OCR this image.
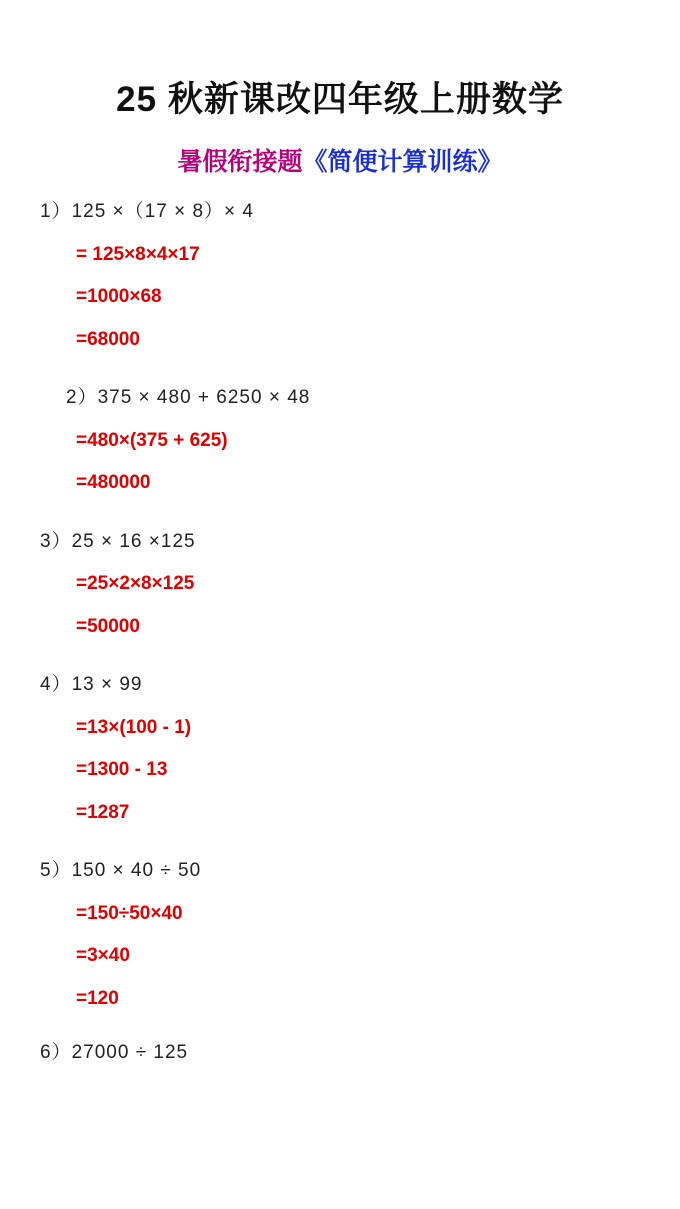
25 秋新课改四年级上册数学
暑假衔接题《简便计算训练》
1）125 ×（17 × 8）× 4
= 125×8×4×17
=1000×68
=68000
2）375 × 480 + 6250 × 48
=480×(375 + 625)
=480000
3）25 × 16 ×125
=25×2×8×125
=50000
4）13 × 99
=13×(100 - 1)
=1300 - 13
=1287
5）150 × 40 ÷ 50
=150÷50×40
=3×40
=120
6）27000 ÷ 125
